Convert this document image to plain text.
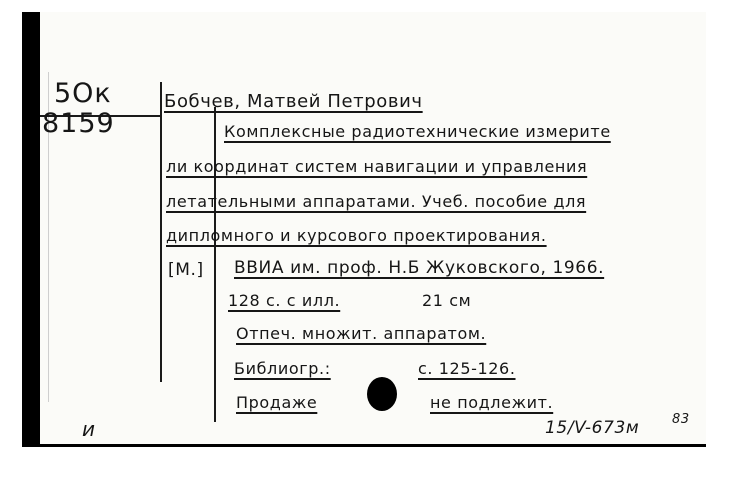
5Ок
8159
Бобчев, Матвей Петрович
Комплексные радиотехнические измерите
ли координат систем навигации и управления
летательными аппаратами. Учеб. пособие для
дипломного и курсового проектирования.
[М.] ВВИА им. проф. Н.Б Жуковского, 1966.
128 с. с илл.	21 см
Отпеч. множит. аппаратом.
Библиогр.:	с. 125-126.
Продаже	не подлежит.
и	15/V-673м	83
